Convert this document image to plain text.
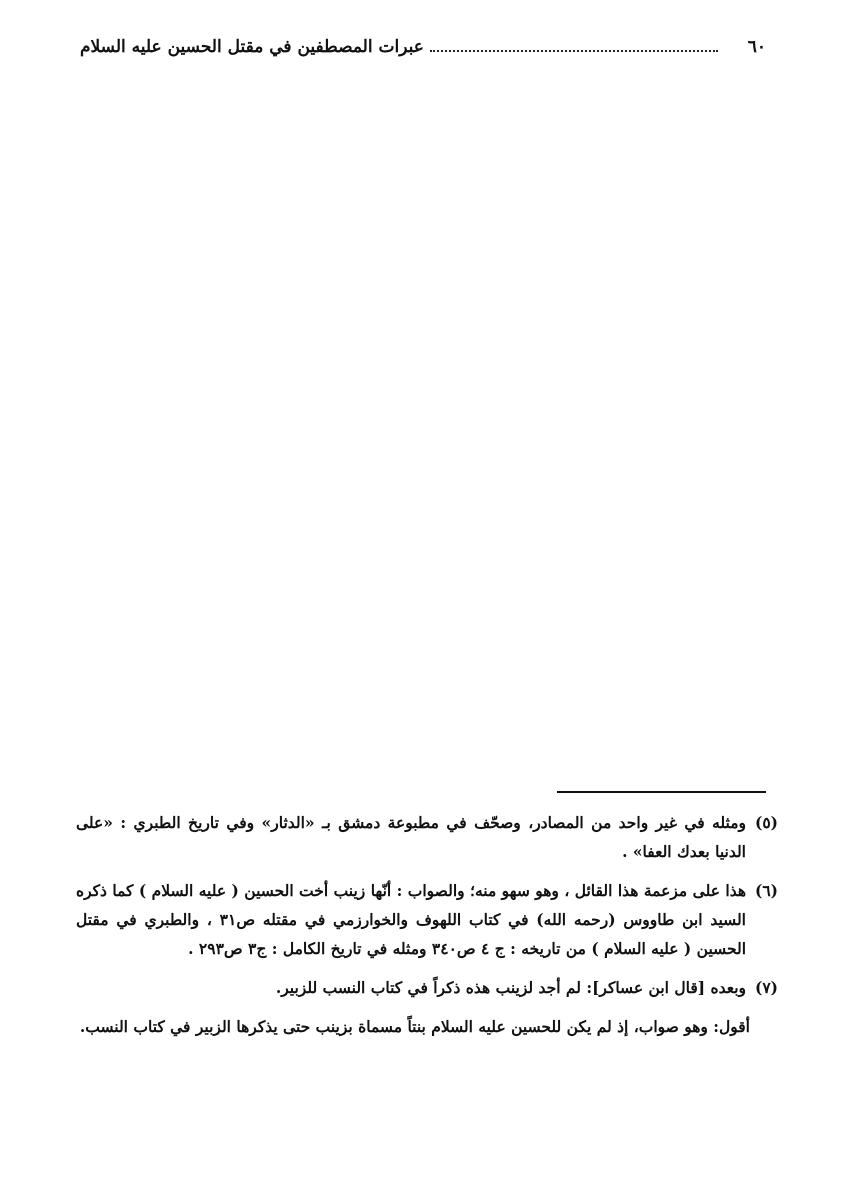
٦٠
عبرات المصطفين في مقتل الحسين عليه السلام

(٥)
ومثله في غير واحد من المصادر، وصحّف في مطبوعة دمشق بـ «الدثار» وفي تاريخ الطبري : «على الدنيا بعدك العفا» .

(٦)
هذا على مزعمة هذا القائل ، وهو سهو منه؛ والصواب : أنّها زينب أخت الحسين ( عليه السلام ) كما ذكره السيد ابن طاووس (رحمه الله) في كتاب اللهوف والخوارزمي في مقتله ص٣١ ، والطبري في مقتل الحسين ( عليه السلام ) من تاريخه : ج ٤ ص٣٤٠ ومثله في تاريخ الكامل : ج٣ ص٢٩٣ .

(٧)
وبعده [قال ابن عساكر]: لم أجد لزينب هذه ذكراً في كتاب النسب للزبير.

أقول: وهو صواب، إذ لم يكن للحسين عليه السلام بنتاً مسماة بزينب حتى يذكرها الزبير في كتاب النسب.
